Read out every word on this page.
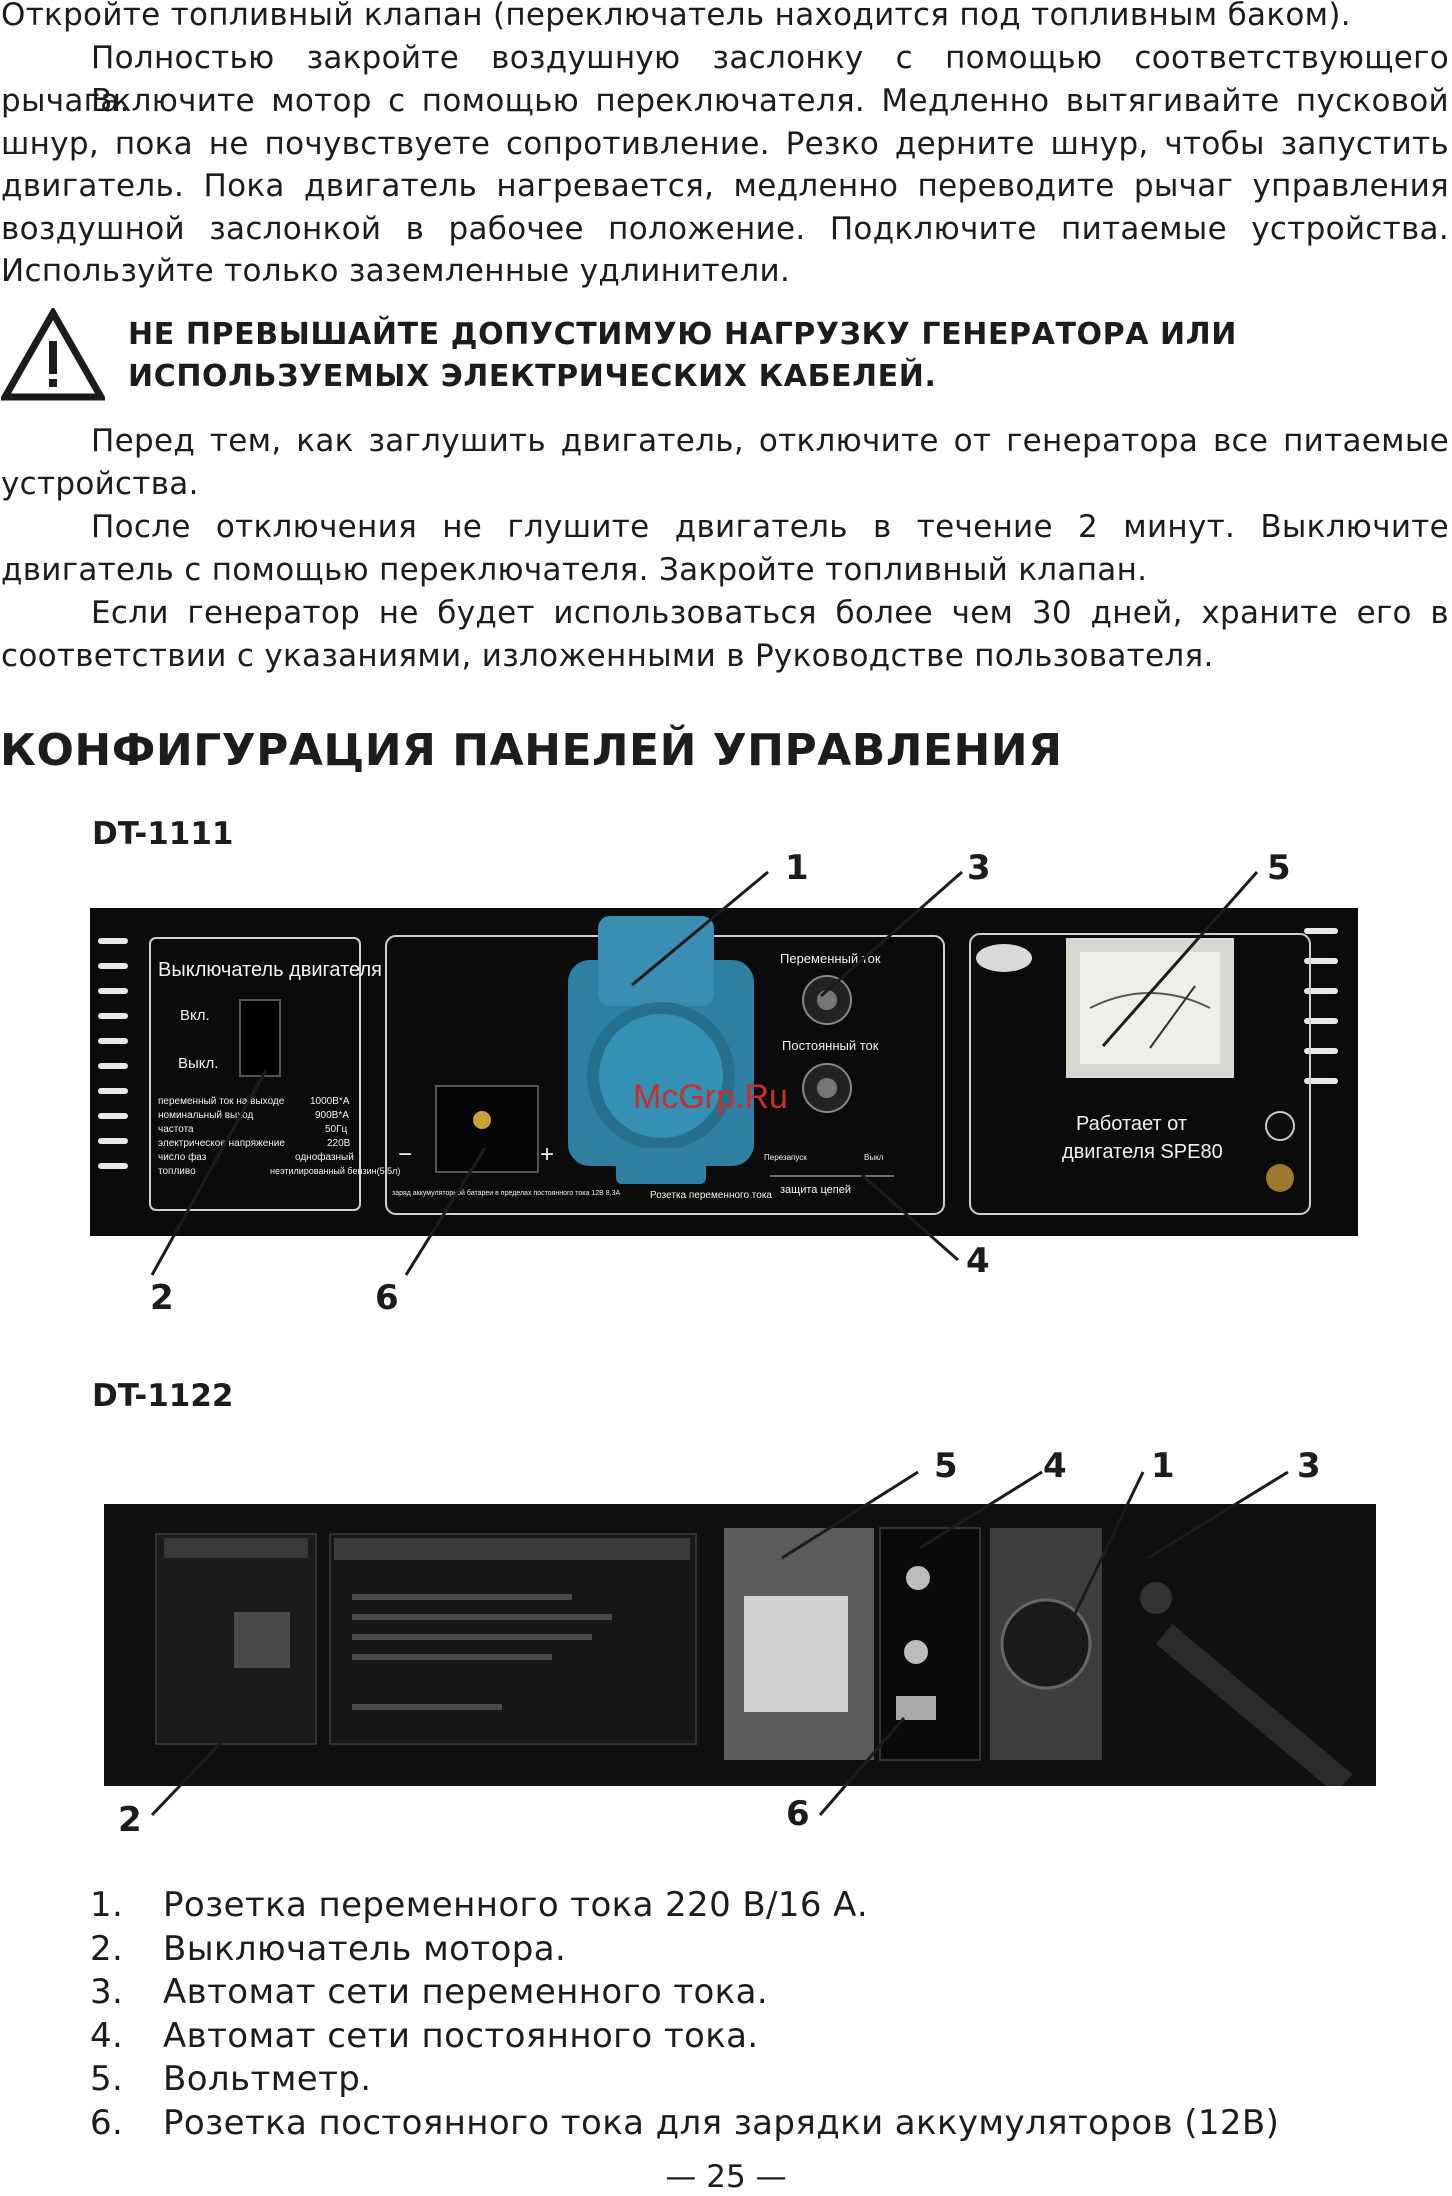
Откройте топливный клапан (переключатель находится под топливным баком).

Полностью закройте воздушную заслонку с помощью соответствующего рычага.

Включите мотор с помощью переключателя. Медленно вытягивайте пусковой шнур, пока не почувствуете сопротивление. Резко дерните шнур, чтобы запустить двигатель. Пока двигатель нагревается, медленно переводите рычаг управления воздушной заслонкой в рабочее положение. Подключите питаемые устройства. Используйте только заземленные удлинители.

НЕ ПРЕВЫШАЙТЕ ДОПУСТИМУЮ НАГРУЗКУ ГЕНЕРАТОРА ИЛИ ИСПОЛЬЗУЕМЫХ ЭЛЕКТРИЧЕСКИХ КАБЕЛЕЙ.

Перед тем, как заглушить двигатель, отключите от генератора все питаемые устройства.

После отключения не глушите двигатель в течение 2 минут. Выключите двигатель с помощью переключателя. Закройте топливный клапан.

Если генератор не будет использоваться более чем 30 дней, храните его в соответствии с указаниями, изложенными в Руководстве пользователя.

КОНФИГУРАЦИЯ ПАНЕЛЕЙ УПРАВЛЕНИЯ

DT-1111

Выключатель двигателя
Вкл.
Выкл.
переменный ток на выходе	1000В*А
номинальный выход	900В*А
частота	50Гц
электрическое напряжение	220В
число фаз	однофазный
топливо	неэтилированный бензин(5,5л)
−	+
заряд аккумуляторной батареи в пределах постоянного тока 12В 8,3А	Розетка переменного тока
Переменный ток
Постоянный ток
Перезапуск	Выкл
защита цепей
Работает от
двигателя SPE80
McGrp.Ru

DT-1122

1	3	5
2	6
4
5	4 1	3
2	6
1. Розетка переменного тока 220 В/16 А.
2. Выключатель мотора.
3. Автомат сети переменного тока.
4. Автомат сети постоянного тока.
5. Вольтметр.
6. Розетка постоянного тока для зарядки аккумуляторов (12В)
— 25 —
